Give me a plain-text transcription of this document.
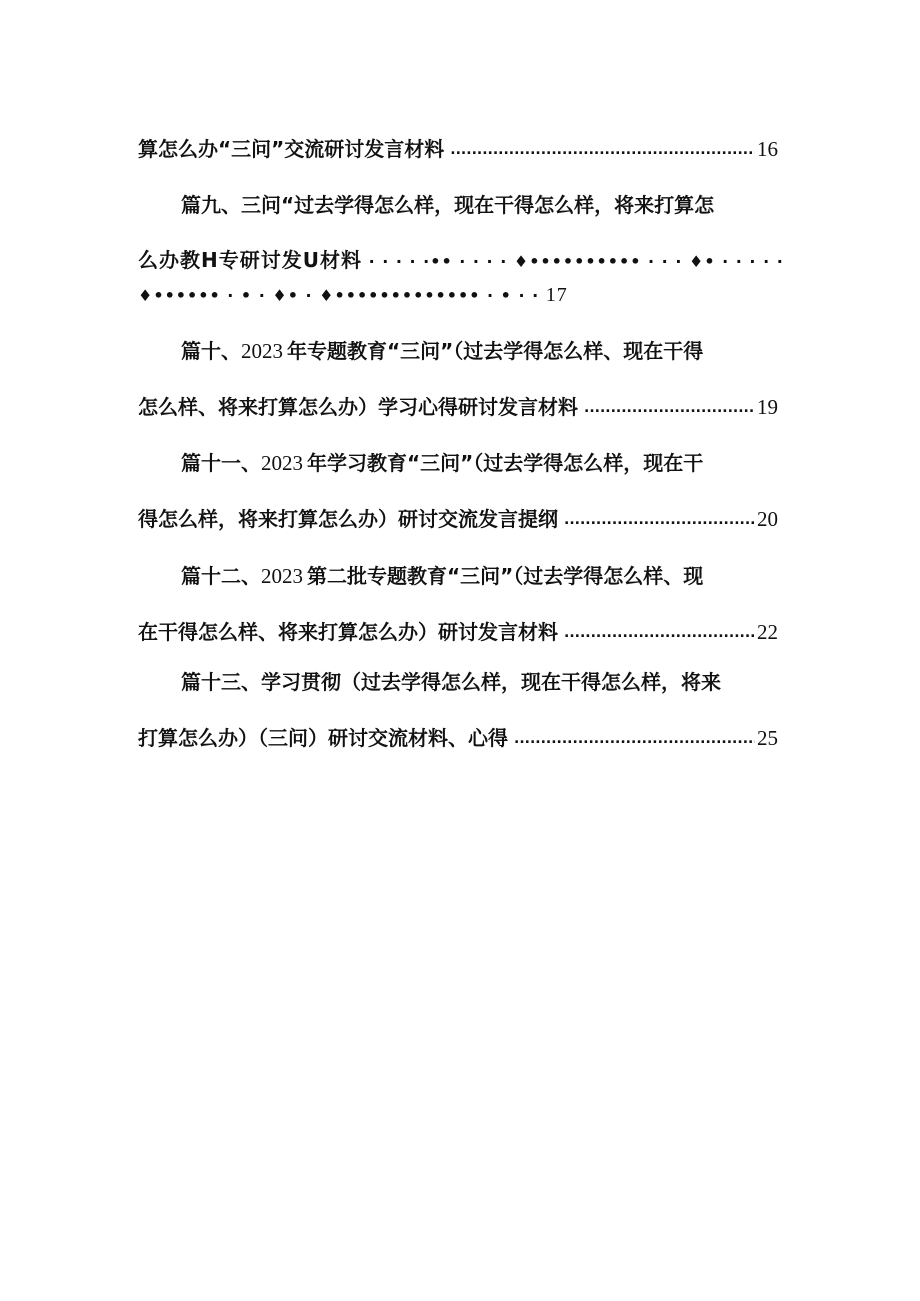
算怎么办“三问”交流研讨发言材料 .....	16
篇九、三问“过去学得怎么样，现在干得怎么样，将来打算怎
么办教H专研讨发U材料 · · · · ·•• · · · · ♦•••••••••• · · · ♦• · · · · ·
♦•••••• · • · ♦• · ♦••••••••••••• · • · · 17
篇十、 2023 年专题教育“三问”（过去学得怎么样、现在干得
怎么样、将来打算怎么办）学习心得研讨发言材料 .....	19
篇十一、 2023 年学习教育“三问”（过去学得怎么样，现在干
得怎么样，将来打算怎么办）研讨交流发言提纲 .....	20
篇十二、 2023 第二批专题教育“三问”（过去学得怎么样、现
在干得怎么样、将来打算怎么办）研讨发言材料 .....	22
篇十三、学习贯彻（过去学得怎么样，现在干得怎么样，将来
打算怎么办）（三问）研讨交流材料、心得 .....	25
